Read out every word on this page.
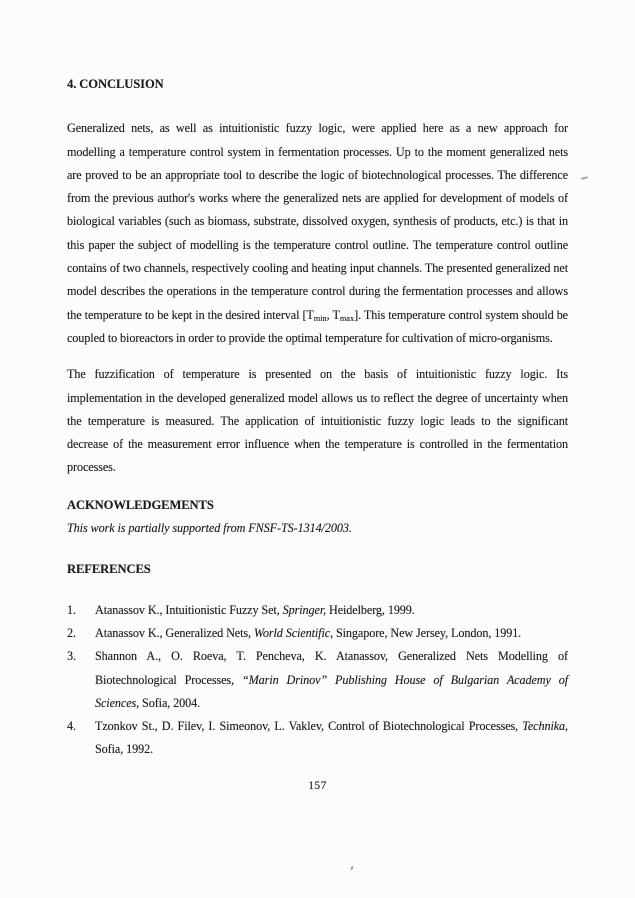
4. CONCLUSION

Generalized nets, as well as intuitionistic fuzzy logic, were applied here as a new approach for modelling a temperature control system in fermentation processes. Up to the moment generalized nets are proved to be an appropriate tool to describe the logic of biotechnological processes. The difference from the previous author's works where the generalized nets are applied for development of models of biological variables (such as biomass, substrate, dissolved oxygen, synthesis of products, etc.) is that in this paper the subject of modelling is the temperature control outline. The temperature control outline contains of two channels, respectively cooling and heating input channels. The presented generalized net model describes the operations in the temperature control during the fermentation processes and allows the temperature to be kept in the desired interval [$T_{min}$, $T_{max}$]. This temperature control system should be coupled to bioreactors in order to provide the optimal temperature for cultivation of micro-organisms.

The fuzzification of temperature is presented on the basis of intuitionistic fuzzy logic. Its implementation in the developed generalized model allows us to reflect the degree of uncertainty when the temperature is measured. The application of intuitionistic fuzzy logic leads to the significant decrease of the measurement error influence when the temperature is controlled in the fermentation processes.

ACKNOWLEDGEMENTS

This work is partially supported from FNSF-TS-1314/2003.

REFERENCES
1.	Atanassov K., Intuitionistic Fuzzy Set, Springer, Heidelberg, 1999.
2.	Atanassov K., Generalized Nets, World Scientific, Singapore, New Jersey, London, 1991.
3.	Shannon A., O. Roeva, T. Pencheva, K. Atanassov, Generalized Nets Modelling of Biotechnological Processes, “Marin Drinov” Publishing House of Bulgarian Academy of Sciences, Sofia, 2004.
4.	Tzonkov St., D. Filev, I. Simeonov, L. Vaklev, Control of Biotechnological Processes, Technika, Sofia, 1992.
157
